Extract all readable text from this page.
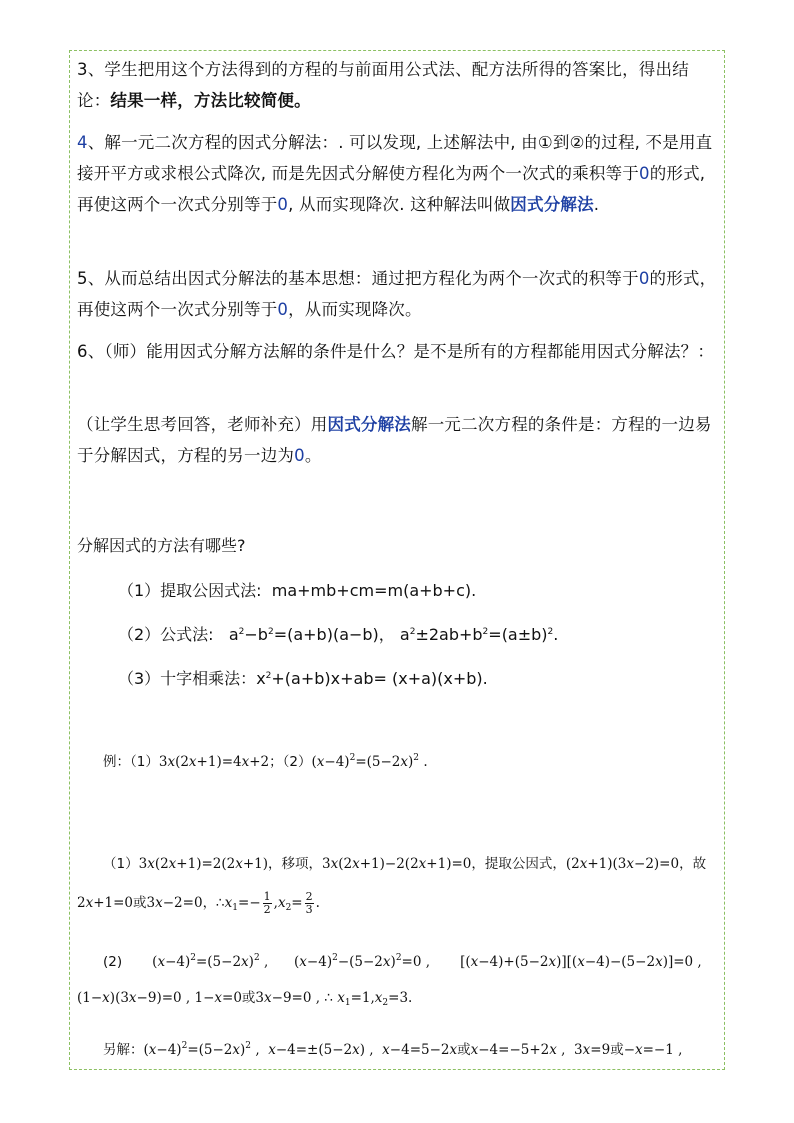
3、学生把用这个方法得到的方程的与前面用公式法、配方法所得的答案比，得出结论：结果一样，方法比较简便。
4、解一元二次方程的因式分解法：. 可以发现, 上述解法中, 由①到②的过程, 不是用直接开平方或求根公式降次, 而是先因式分解使方程化为两个一次式的乘积等于0的形式, 再使这两个一次式分别等于0, 从而实现降次. 这种解法叫做因式分解法.
5、从而总结出因式分解法的基本思想：通过把方程化为两个一次式的积等于0的形式，再使这两个一次式分别等于0，从而实现降次。
6、（师）能用因式分解方法解的条件是什么？是不是所有的方程都能用因式分解法？：
（让学生思考回答，老师补充）用因式分解法解一元二次方程的条件是：方程的一边易于分解因式，方程的另一边为0。
分解因式的方法有哪些?
（1）提取公因式法: ma+mb+cm=m(a+b+c).
（2）公式法: $a^2-b^2=(a+b)(a-b)$， $a^2\pm 2ab+b^2=(a\pm b)^2$.
（3）十字相乘法：$x^2+(a+b)x+ab= (x+a)(x+b)$.
例：（1）3x(2x+1)=4x+2；$(2)(x-4)^2=(5-2x)^2$ .
（1）3x(2x+1)=2(2x+1)，移项，3x(2x+1)−2(2x+1)=0，提取公因式，(2x+1)(3x−2)=0，故
2x+1=0或3x−2=0，$\therefore x_1=- \frac{1}{2} ,x_2= \frac{2}{3}$ .
(2)       $(x-4)^2=(5-2x)^2$ ,      $(x-4)^2-(5-2x)^2=0$ ,       [(x−4)+(5−2x)][(x−4)−(5−2x)]=0 ,
(1−x)(3x−9)=0 , 1−x=0或3x−9=0 , ∴ $x_1=1,x_2=3$.
另解：$(x-4)^2=(5-2x)^2$ ,  x−4=±(5−2x) ,  x−4=5−2x或x−4=−5+2x ,  3x=9或−x=−1 ,
